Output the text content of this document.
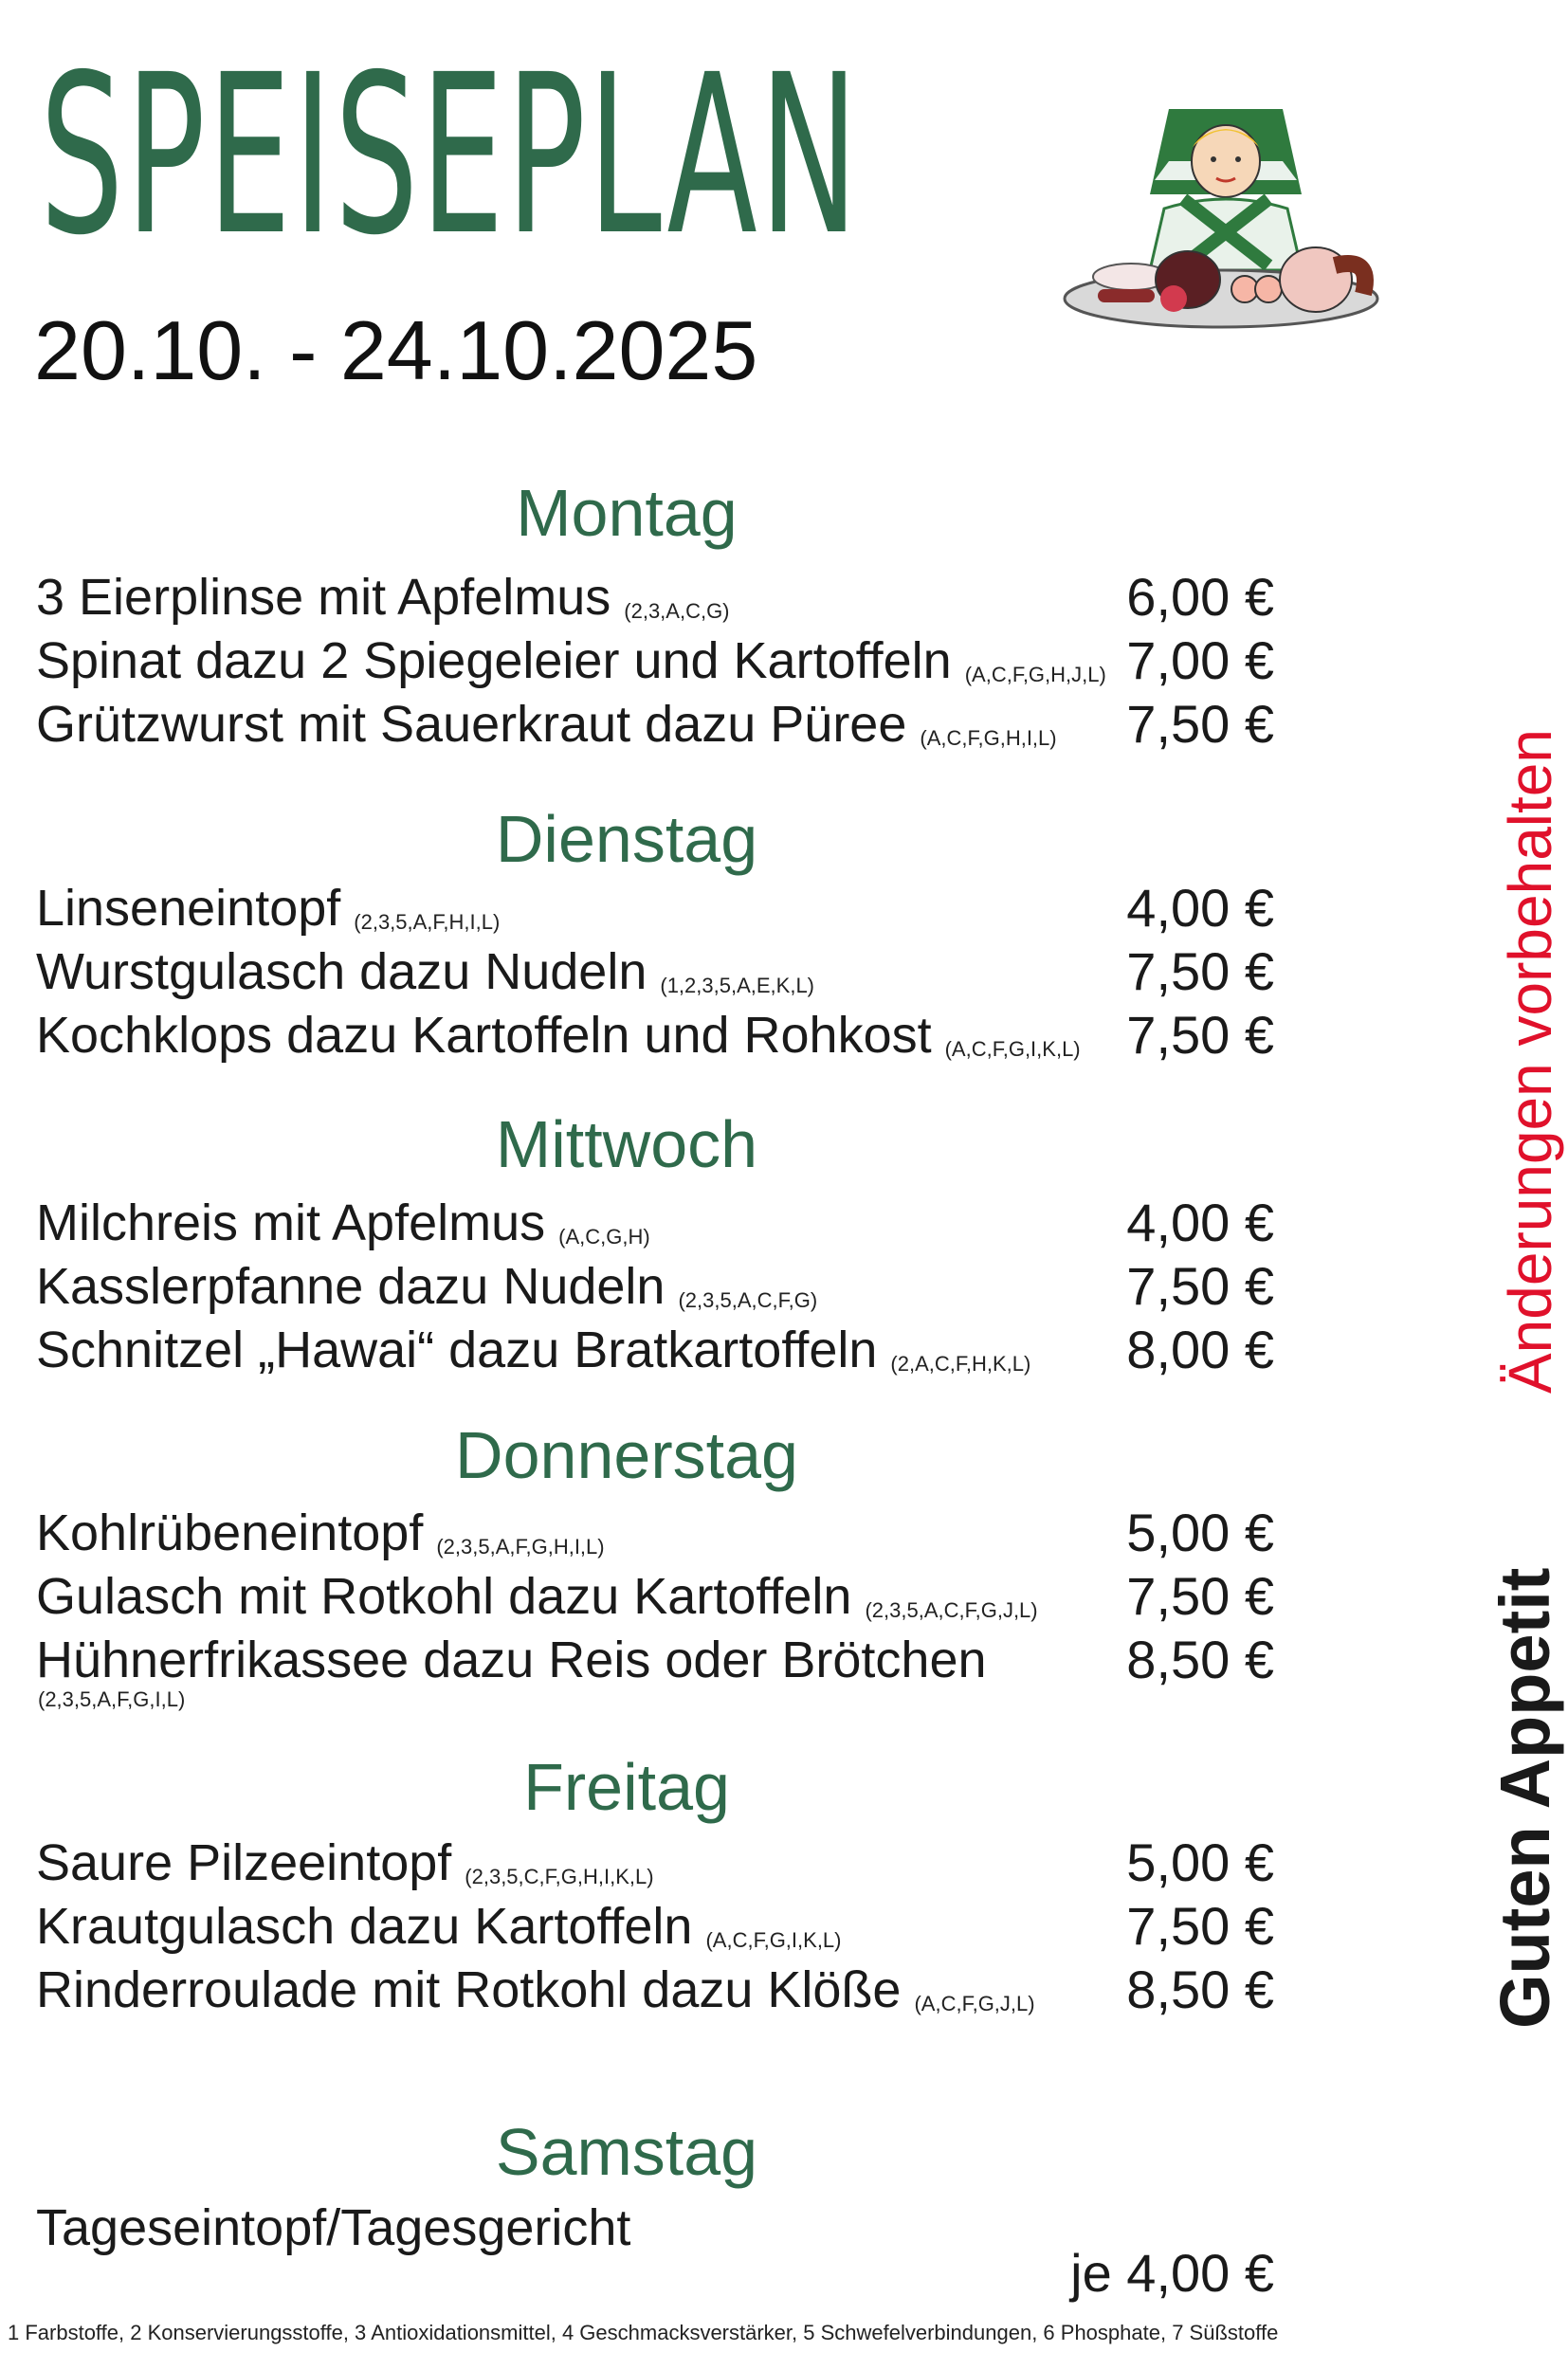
SPEISEPLAN
20.10. - 24.10.2025
Montag
3 Eierplinse mit Apfelmus (2,3,A,C,G)	6,00 €
Spinat dazu 2 Spiegeleier und Kartoffeln (A,C,F,G,H,J,L) 7,00 €
Grützwurst mit Sauerkraut dazu Püree (A,C,F,G,H,I,L)	7,50 €
Dienstag
Linseneintopf (2,3,5,A,F,H,I,L)	4,00 €
Wurstgulasch dazu Nudeln (1,2,3,5,A,E,K,L)	7,50 €
Kochklops dazu Kartoffeln und Rohkost (A,C,F,G,I,K,L) 7,50 €
Mittwoch
Milchreis mit Apfelmus (A,C,G,H)	4,00 €
Kasslerpfanne dazu Nudeln (2,3,5,A,C,F,G)	7,50 €
Schnitzel „Hawai“ dazu Bratkartoffeln (2,A,C,F,H,K,L)	8,00 €
Donnerstag
Kohlrübeneintopf (2,3,5,A,F,G,H,I,L)	5,00 €
Gulasch mit Rotkohl dazu Kartoffeln (2,3,5,A,C,F,G,J,L)	7,50 €
Hühnerfrikassee dazu Reis oder Brötchen	8,50 €
(2,3,5,A,F,G,I,L)
Freitag
Saure Pilzeeintopf (2,3,5,C,F,G,H,I,K,L)	5,00 €
Krautgulasch dazu Kartoffeln (A,C,F,G,I,K,L)	7,50 €
Rinderroulade mit Rotkohl dazu Klöße (A,C,F,G,J,L)	8,50 €
Samstag
Tageseintopf/Tagesgericht
je 4,00 €
Änderungen vorbehalten
Guten Appetit
1 Farbstoffe, 2 Konservierungsstoffe, 3 Antioxidationsmittel, 4 Geschmacksverstärker, 5 Schwefelverbindungen, 6 Phosphate, 7 Süßstoffe
